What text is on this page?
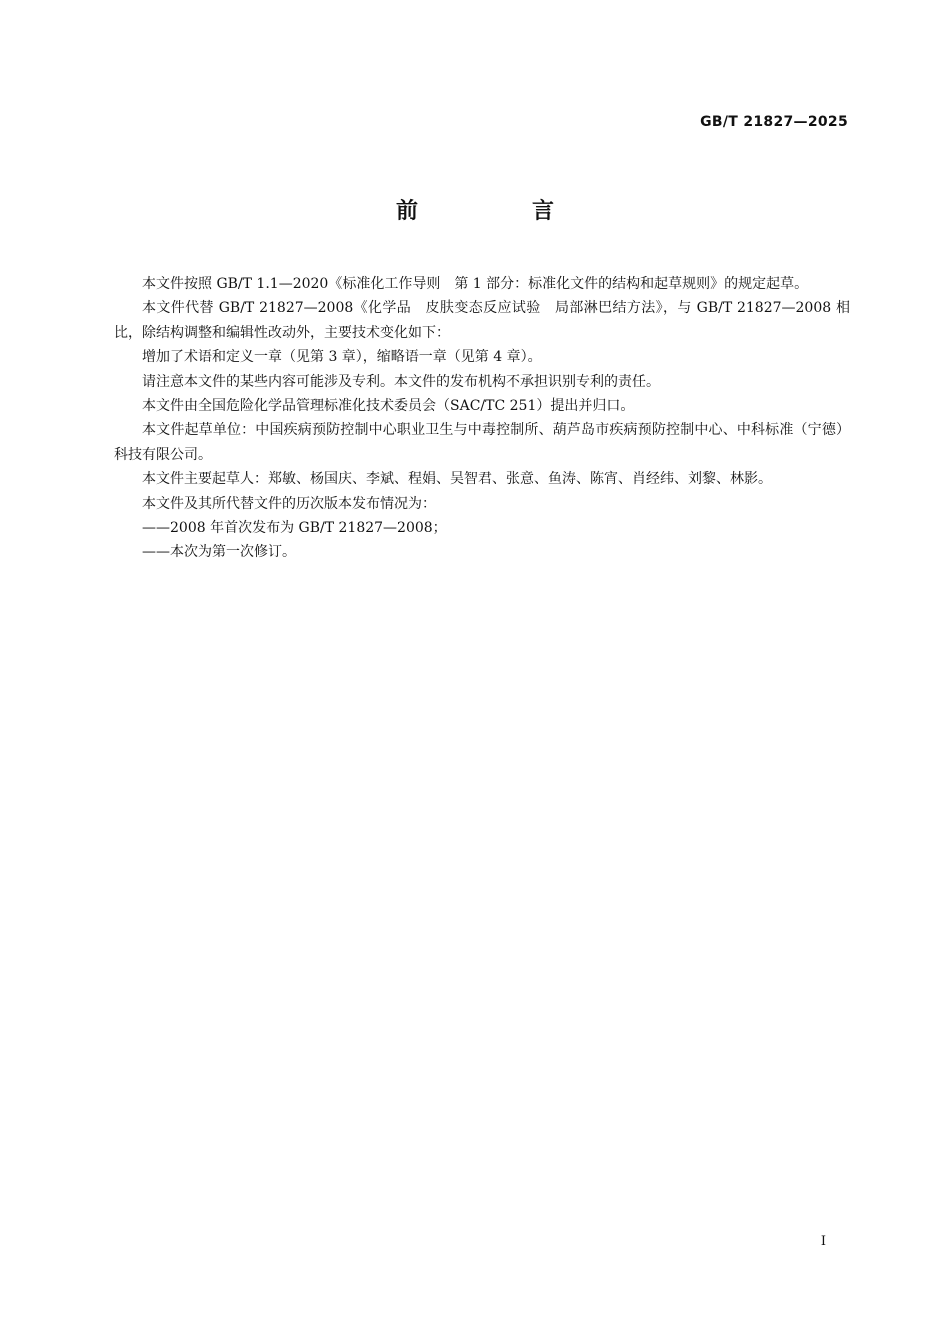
GB/T 21827—2025
前　言

本文件按照 GB/T 1.1—2020《标准化工作导则　第 1 部分：标准化文件的结构和起草规则》的规定起草。

本文件代替 GB/T 21827—2008《化学品　皮肤变态反应试验　局部淋巴结方法》，与 GB/T 21827—2008 相比，除结构调整和编辑性改动外，主要技术变化如下：

增加了术语和定义一章（见第 3 章），缩略语一章（见第 4 章）。

请注意本文件的某些内容可能涉及专利。本文件的发布机构不承担识别专利的责任。

本文件由全国危险化学品管理标准化技术委员会（SAC/TC 251）提出并归口。

本文件起草单位：中国疾病预防控制中心职业卫生与中毒控制所、葫芦岛市疾病预防控制中心、中科标准（宁德）科技有限公司。

本文件主要起草人：郑敏、杨国庆、李斌、程娟、吴智君、张意、鱼涛、陈宵、肖经纬、刘黎、林影。

本文件及其所代替文件的历次版本发布情况为：

——2008 年首次发布为 GB/T 21827—2008；

——本次为第一次修订。

I
